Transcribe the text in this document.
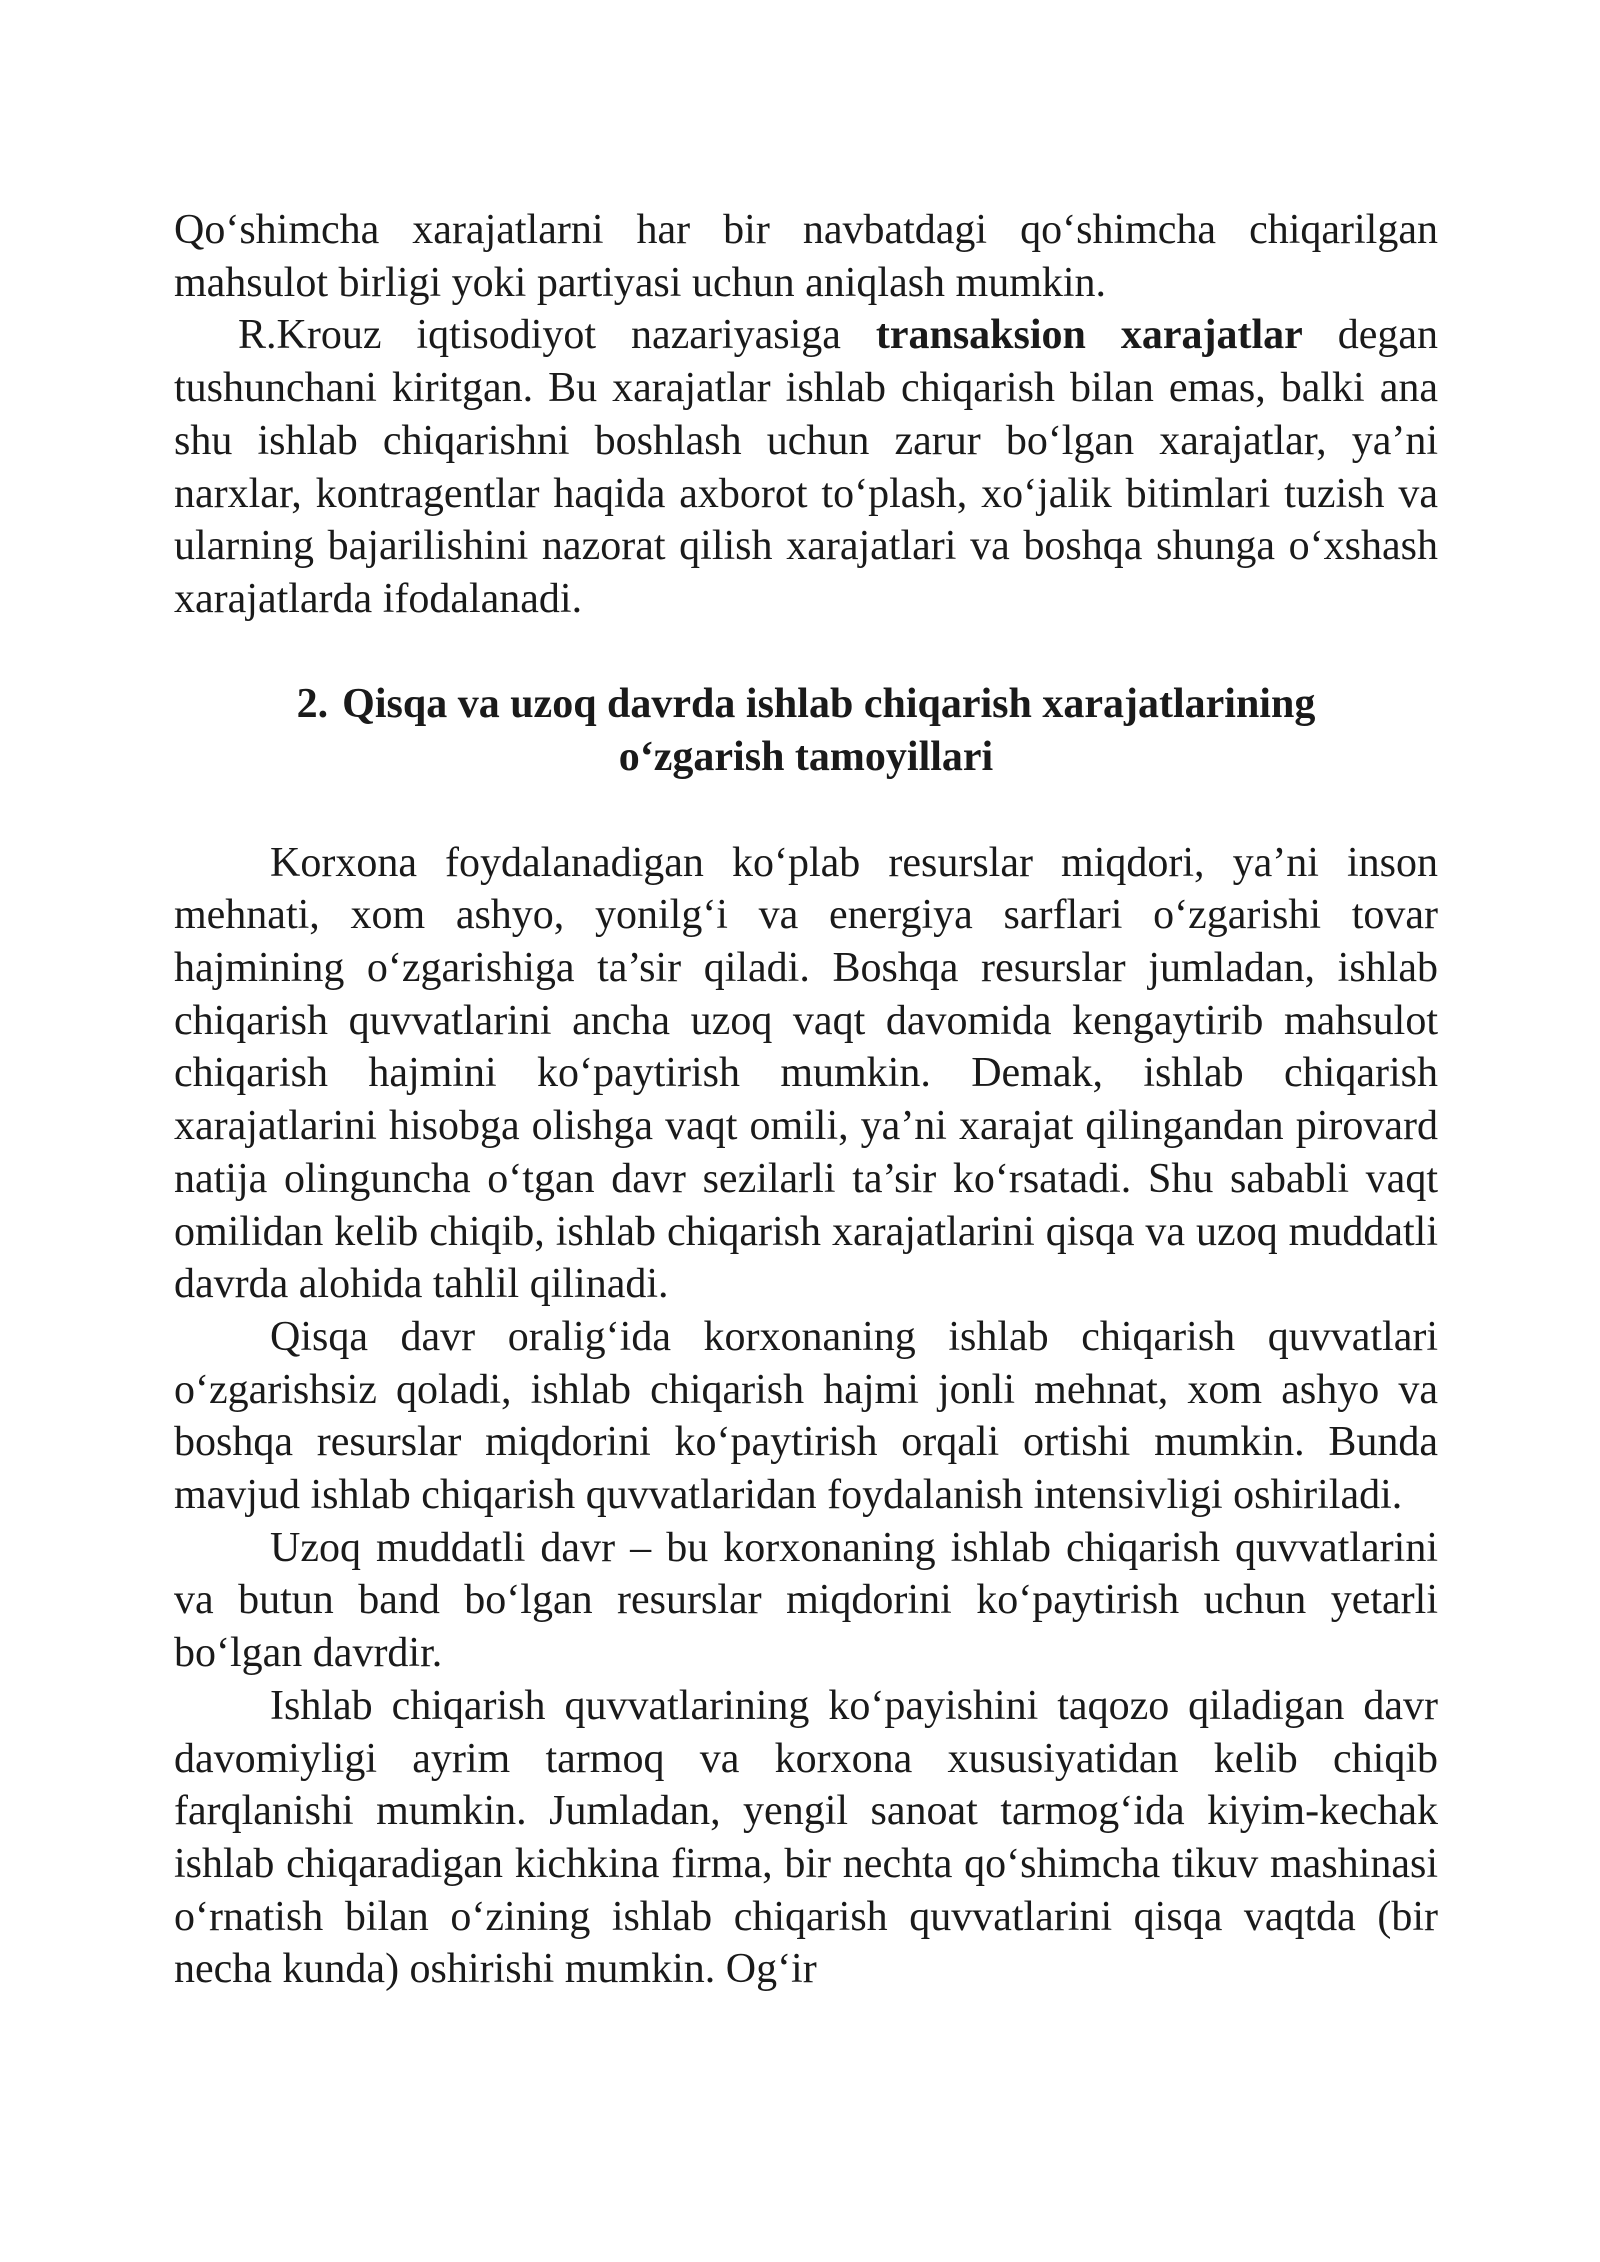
Qo‘shimcha xarajatlarni har bir navbatdagi qo‘shimcha chiqarilgan mahsulot birligi yoki partiyasi uchun aniqlash mumkin.

R.Krouz iqtisodiyot nazariyasiga transaksion xarajatlar degan tushunchani kiritgan. Bu xarajatlar ishlab chiqarish bilan emas, balki ana shu ishlab chiqarishni boshlash uchun zarur bo‘lgan xarajatlar, ya’ni narxlar, kontragentlar haqida axborot to‘plash, xo‘jalik bitimlari tuzish va ularning bajarilishini nazorat qilish xarajatlari va boshqa shunga o‘xshash xarajatlarda ifodalanadi.

2. Qisqa va uzoq davrda ishlab chiqarish xarajatlarining

o‘zgarish tamoyillari

Korxona foydalanadigan ko‘plab resurslar miqdori, ya’ni inson mehnati, xom ashyo, yonilg‘i va energiya sarflari o‘zgarishi tovar hajmining o‘zgarishiga ta’sir qiladi. Boshqa resurslar jumladan, ishlab chiqarish quvvatlarini ancha uzoq vaqt davomida kengaytirib mahsulot chiqarish hajmini ko‘paytirish mumkin. Demak, ishlab chiqarish xarajatlarini hisobga olishga vaqt omili, ya’ni xarajat qilingandan pirovard natija olinguncha o‘tgan davr sezilarli ta’sir ko‘rsatadi. Shu sababli vaqt omilidan kelib chiqib, ishlab chiqarish xarajatlarini qisqa va uzoq muddatli davrda alohida tahlil qilinadi.

Qisqa davr oralig‘ida korxonaning ishlab chiqarish quvvatlari o‘zgarishsiz qoladi, ishlab chiqarish hajmi jonli mehnat, xom ashyo va boshqa resurslar miqdorini ko‘paytirish orqali ortishi mumkin. Bunda mavjud ishlab chiqarish quvvatlaridan foydalanish intensivligi oshiriladi.

Uzoq muddatli davr – bu korxonaning ishlab chiqarish quvvatlarini va butun band bo‘lgan resurslar miqdorini ko‘paytirish uchun yetarli bo‘lgan davrdir.

Ishlab chiqarish quvvatlarining ko‘payishini taqozo qiladigan davr davomiyligi ayrim tarmoq va korxona xususiyatidan kelib chiqib farqlanishi mumkin. Jumladan, yengil sanoat tarmog‘ida kiyim-kechak ishlab chiqaradigan kichkina firma, bir nechta qo‘shimcha tikuv mashinasi o‘rnatish bilan o‘zining ishlab chiqarish quvvatlarini qisqa vaqtda (bir necha kunda) oshirishi mumkin. Og‘ir
